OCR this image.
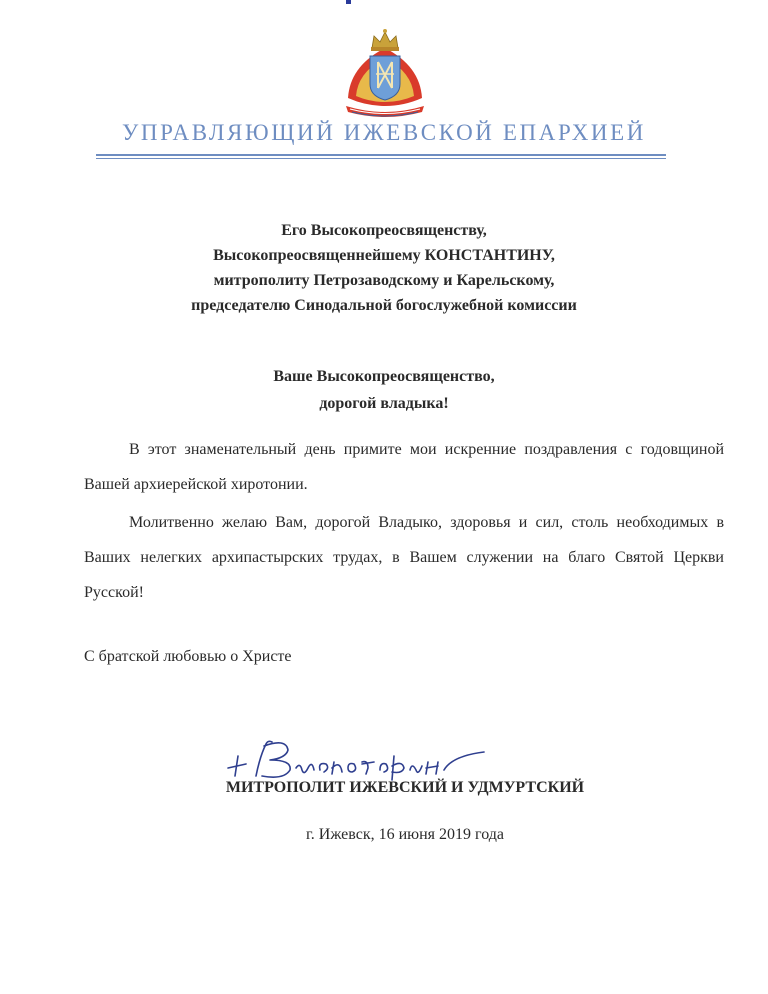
УПРАВЛЯЮЩИЙ ИЖЕВСКОЙ ЕПАРХИЕЙ
Его Высокопреосвященству,
Высокопреосвященнейшему КОНСТАНТИНУ,
митрополиту Петрозаводскому и Карельскому,
председателю Синодальной богослужебной комиссии
Ваше Высокопреосвященство,
дорогой владыка!

В этот знаменательный день примите мои искренние поздравления с годовщиной Вашей архиерейской хиротонии.

Молитвенно желаю Вам, дорогой Владыко, здоровья и сил, столь необходимых в Ваших нелегких архипастырских трудах, в Вашем служении на благо Святой Церкви Русской!

С братской любовью о Христе
МИТРОПОЛИТ ИЖЕВСКИЙ И УДМУРТСКИЙ
г. Ижевск, 16 июня 2019 года
